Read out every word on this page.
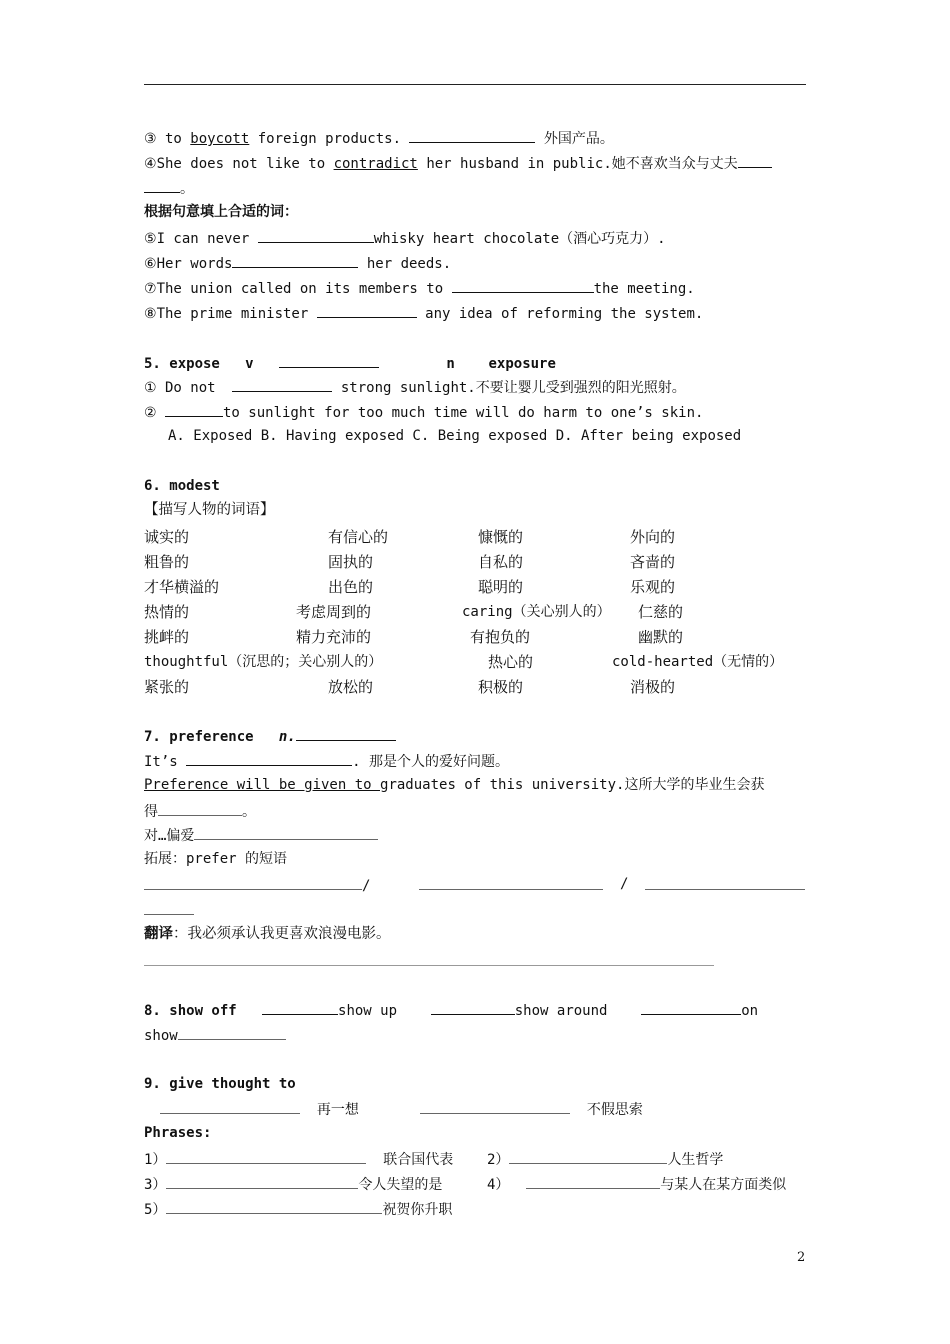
③ to boycott foreign products.	外国产品。
④She does not like to contradict her husband in public.她不喜欢当众与丈夫
。
根据句意填上合适的词：
⑤I can never	whisky heart chocolate（酒心巧克力）.
⑥Her words	her deeds.
⑦The union called on its members to	the meeting.
⑧The prime minister	any idea of reforming the system.
5. expose v	n exposure
① Do not	strong sunlight.不要让婴儿受到强烈的阳光照射。
②	to sunlight for too much time will do harm to one’s skin.
A. Exposed B. Having exposed C. Being exposed D. After being exposed
6. modest
【描写人物的词语】
诚实的	有信心的	慷慨的	外向的
粗鲁的	固执的	自私的	吝啬的
才华横溢的	出色的	聪明的	乐观的
热情的	考虑周到的	caring（关心别人的） 仁慈的
挑衅的	精力充沛的	有抱负的	幽默的
thoughtful（沉思的；关心别人的）	热心的	cold-hearted（无情的）
紧张的	放松的	积极的	消极的
7. preference n.
It’s	. 那是个人的爱好问题。
Preference will be given to graduates of this university.这所大学的毕业生会获
得	。
对…偏爱
拓展：prefer 的短语
/	/
翻译：我必须承认我更喜欢浪漫电影。
8. show off	show up	show around	on
show
9. give thought to
再一想	不假思索
Phrases:
1）	联合国代表 2）	人生哲学
3）	令人失望的是	4）	与某人在某方面类似
5）	祝贺你升职
2
